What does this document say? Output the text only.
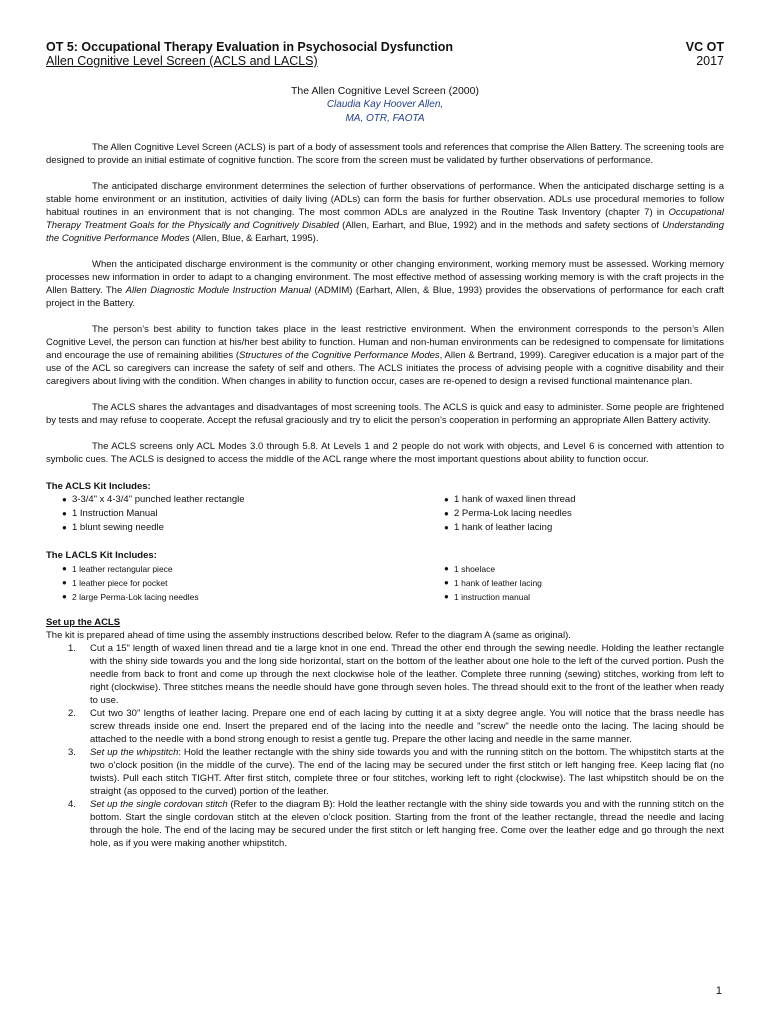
OT 5: Occupational Therapy Evaluation in Psychosocial Dysfunction	VC OT
Allen Cognitive Level Screen (ACLS and LACLS)	2017
The Allen Cognitive Level Screen (2000)
Claudia Kay Hoover Allen,
MA, OTR, FAOTA

The Allen Cognitive Level Screen (ACLS) is part of a body of assessment tools and references that comprise the Allen Battery. The screening tools are designed to provide an initial estimate of cognitive function. The score from the screen must be validated by further observations of performance.

The anticipated discharge environment determines the selection of further observations of performance. When the anticipated discharge setting is a stable home environment or an institution, activities of daily living (ADLs) can form the basis for further observation. ADLs use procedural memories to follow habitual routines in an environment that is not changing. The most common ADLs are analyzed in the Routine Task Inventory (chapter 7) in Occupational Therapy Treatment Goals for the Physically and Cognitively Disabled (Allen, Earhart, and Blue, 1992) and in the methods and safety sections of Understanding the Cognitive Performance Modes (Allen, Blue, & Earhart, 1995).

When the anticipated discharge environment is the community or other changing environment, working memory must be assessed. Working memory processes new information in order to adapt to a changing environment. The most effective method of assessing working memory is with the craft projects in the Allen Battery. The Allen Diagnostic Module Instruction Manual (ADMIM) (Earhart, Allen, & Blue, 1993) provides the observations of performance for each craft project in the Battery.

The person’s best ability to function takes place in the least restrictive environment. When the environment corresponds to the person’s Allen Cognitive Level, the person can function at his/her best ability to function. Human and non-human environments can be redesigned to compensate for limitations and encourage the use of remaining abilities (Structures of the Cognitive Performance Modes, Allen & Bertrand, 1999). Caregiver education is a major part of the use of the ACL so caregivers can increase the safety of self and others. The ACLS initiates the process of advising people with a cognitive disability and their caregivers about living with the condition. When changes in ability to function occur, cases are re-opened to design a revised functional maintenance plan.

The ACLS shares the advantages and disadvantages of most screening tools. The ACLS is quick and easy to administer. Some people are frightened by tests and may refuse to cooperate. Accept the refusal graciously and try to elicit the person’s cooperation in performing an appropriate Allen Battery activity.

The ACLS screens only ACL Modes 3.0 through 5.8. At Levels 1 and 2 people do not work with objects, and Level 6 is concerned with attention to symbolic cues. The ACLS is designed to access the middle of the ACL range where the most important questions about ability to function occur.

The ACLS Kit Includes:
● 3-3/4" x 4-3/4" punched leather rectangle
● 1 Instruction Manual
● 1 blunt sewing needle
● 1 hank of waxed linen thread
● 2 Perma-Lok lacing needles
● 1 hank of leather lacing
The LACLS Kit Includes:
● 1 leather rectangular piece
● 1 leather piece for pocket
● 2 large Perma-Lok lacing needles
● 1 shoelace
● 1 hank of leather lacing
● 1 instruction manual
Set up the ACLS
The kit is prepared ahead of time using the assembly instructions described below. Refer to the diagram A (same as original).
1.	Cut a 15" length of waxed linen thread and tie a large knot in one end. Thread the other end through the sewing needle. Holding the leather rectangle with the shiny side towards you and the long side horizontal, start on the bottom of the leather about one hole to the left of the curved portion. Push the needle from back to front and come up through the next clockwise hole of the leather. Complete three running (sewing) stitches, working from left to right (clockwise). Three stitches means the needle should have gone through seven holes. The thread should exit to the front of the leather when ready to use.
2.	Cut two 30" lengths of leather lacing. Prepare one end of each lacing by cutting it at a sixty degree angle. You will notice that the brass needle has screw threads inside one end. Insert the prepared end of the lacing into the needle and "screw" the needle onto the lacing. The lacing should be attached to the needle with a bond strong enough to resist a gentle tug. Prepare the other lacing and needle in the same manner.
3.	Set up the whipstitch: Hold the leather rectangle with the shiny side towards you and with the running stitch on the bottom. The whipstitch starts at the two o’clock position (in the middle of the curve). The end of the lacing may be secured under the first stitch or left hanging free. Keep lacing flat (no twists). Pull each stitch TIGHT. After first stitch, complete three or four stitches, working left to right (clockwise). The last whipstitch should be on the straight (as opposed to the curved) portion of the leather.
4.	Set up the single cordovan stitch (Refer to the diagram B): Hold the leather rectangle with the shiny side towards you and with the running stitch on the bottom. Start the single cordovan stitch at the eleven o’clock position. Starting from the front of the leather rectangle, thread the needle and lacing through the hole. The end of the lacing may be secured under the first stitch or left hanging free. Come over the leather edge and go through the next hole, as if you were making another whipstitch.
1
